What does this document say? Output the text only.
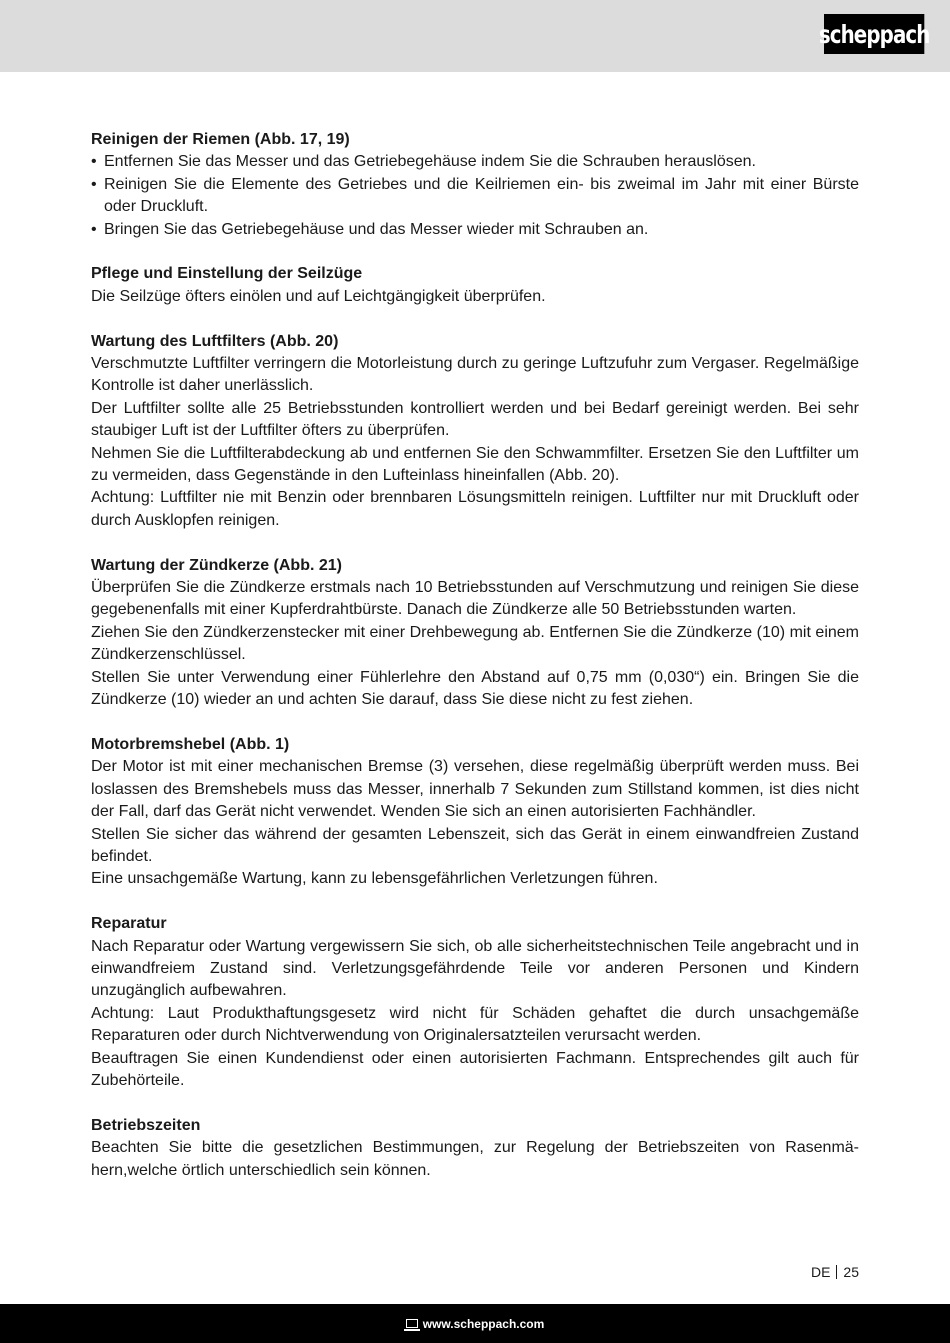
scheppach
Reinigen der Riemen (Abb. 17, 19)
• Entfernen Sie das Messer und das Getriebegehäuse indem Sie die Schrauben herauslösen.
• Reinigen Sie die Elemente des Getriebes und die Keilriemen ein- bis zweimal im Jahr mit einer Bürste oder Druckluft.
• Bringen Sie das Getriebegehäuse und das Messer wieder mit Schrauben an.
Pflege und Einstellung der Seilzüge
Die Seilzüge öfters einölen und auf Leichtgängigkeit überprüfen.
Wartung des Luftfilters (Abb. 20)
Verschmutzte Luftfilter verringern die Motorleistung durch zu geringe Luftzufuhr zum Vergaser. Regelmäßige Kontrolle ist daher unerlässlich.
Der Luftfilter sollte alle 25 Betriebsstunden kontrolliert werden und bei Bedarf gereinigt werden. Bei sehr staubiger Luft ist der Luftfilter öfters zu überprüfen.
Nehmen Sie die Luftfilterabdeckung ab und entfernen Sie den Schwammfilter. Ersetzen Sie den Luftfilter um zu vermeiden, dass Gegenstände in den Lufteinlass hineinfallen (Abb. 20).
Achtung: Luftfilter nie mit Benzin oder brennbaren Lösungsmitteln reinigen. Luftfilter nur mit Druckluft oder durch Ausklopfen reinigen.
Wartung der Zündkerze (Abb. 21)
Überprüfen Sie die Zündkerze erstmals nach 10 Betriebsstunden auf Verschmutzung und reinigen Sie diese gegebenenfalls mit einer Kupferdrahtbürste. Danach die Zündkerze alle 50 Betriebsstunden warten.
Ziehen Sie den Zündkerzenstecker mit einer Drehbewegung ab. Entfernen Sie die Zündkerze (10) mit einem Zündkerzenschlüssel.
Stellen Sie unter Verwendung einer Fühlerlehre den Abstand auf 0,75 mm (0,030“) ein. Bringen Sie die Zündkerze (10) wieder an und achten Sie darauf, dass Sie diese nicht zu fest ziehen.
Motorbremshebel (Abb. 1)
Der Motor ist mit einer mechanischen Bremse (3) versehen, diese regelmäßig überprüft werden muss. Bei loslassen des Bremshebels muss das Messer, innerhalb 7 Sekunden zum Stillstand kommen, ist dies nicht der Fall, darf das Gerät nicht verwendet. Wenden Sie sich an einen autorisierten Fachhändler.
Stellen Sie sicher das während der gesamten Lebenszeit, sich das Gerät in einem einwandfreien Zustand befindet.
Eine unsachgemäße Wartung, kann zu lebensgefährlichen Verletzungen führen.
Reparatur
Nach Reparatur oder Wartung vergewissern Sie sich, ob alle sicherheitstechnischen Teile angebracht und in einwandfreiem Zustand sind. Verletzungsgefährdende Teile vor anderen Personen und Kindern unzugänglich aufbewahren.
Achtung: Laut Produkthaftungsgesetz wird nicht für Schäden gehaftet die durch unsachgemäße Reparaturen oder durch Nichtverwendung von Originalersatzteilen verursacht werden.
Beauftragen Sie einen Kundendienst oder einen autorisierten Fachmann. Entsprechendes gilt auch für Zubehörteile.
Betriebszeiten
Beachten Sie bitte die gesetzlichen Bestimmungen, zur Regelung der Betriebszeiten von Rasenmähern,welche örtlich unterschiedlich sein können.
DE 25
www.scheppach.com
